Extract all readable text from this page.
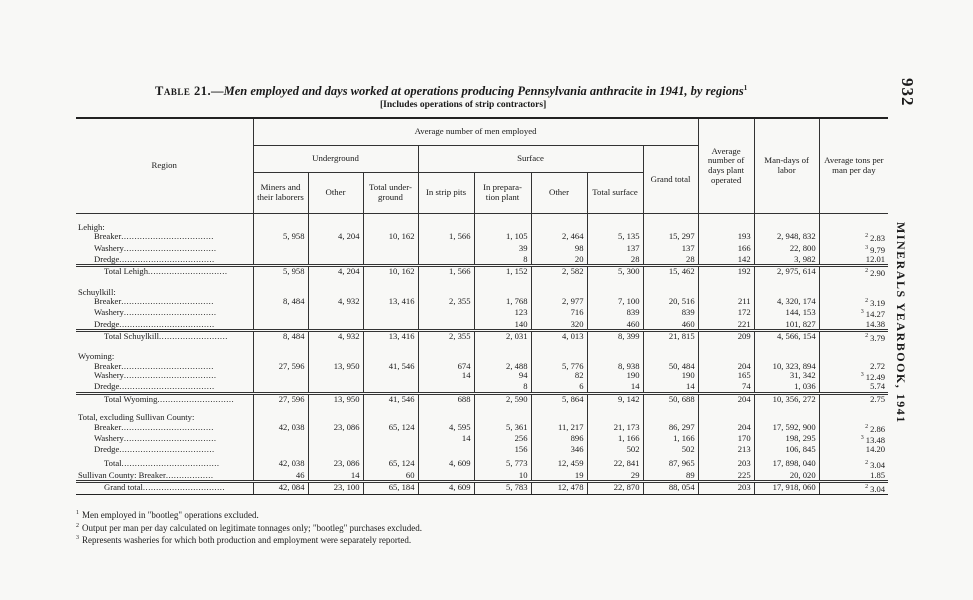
932
MINERALS YEARBOOK, 1941
Table 21.—Men employed and days worked at operations producing Pennsylvania anthracite in 1941, by regions$^1$
[Includes operations of strip contractors]
Region	Average number of men employed								Average number of days plant operated	Man-days of labor	Average tons per man per day
	Underground			Surface				Grand total			
	Miners and their laborers	Other	Total under-ground	In strip pits	In prepara-tion plant	Other	Total surface				
Lehigh:											
Breaker...................................	5, 958	4, 204	10, 162	1, 566	1, 105	2, 464	5, 135	15, 297	193	2, 948, 832	$^2$ 2.83
Washery...................................					39	98	137	137	166	22, 800	$^3$ 9.79
Dredge....................................					8	20	28	28	142	3, 982	12.01
Total Lehigh..............................	5, 958	4, 204	10, 162	1, 566	1, 152	2, 582	5, 300	15, 462	192	2, 975, 614	$^2$ 2.90
Schuylkill:											
Breaker...................................	8, 484	4, 932	13, 416	2, 355	1, 768	2, 977	7, 100	20, 516	211	4, 320, 174	$^2$ 3.19
Washery...................................					123	716	839	839	172	144, 153	$^3$ 14.27
Dredge....................................					140	320	460	460	221	101, 827	14.38
Total Schuylkill..........................	8, 484	4, 932	13, 416	2, 355	2, 031	4, 013	8, 399	21, 815	209	4, 566, 154	$^2$ 3.79
Wyoming:											
Breaker...................................	27, 596	13, 950	41, 546	674	2, 488	5, 776	8, 938	50, 484	204	10, 323, 894	2.72
Washery...................................				14	94	82	190	190	165	31, 342	$^3$ 12.49
Dredge....................................					8	6	14	14	74	1, 036	5.74
Total Wyoming.............................	27, 596	13, 950	41, 546	688	2, 590	5, 864	9, 142	50, 688	204	10, 356, 272	2.75
Total, excluding Sullivan County:											
Breaker...................................	42, 038	23, 086	65, 124	4, 595	5, 361	11, 217	21, 173	86, 297	204	17, 592, 900	$^2$ 2.86
Washery...................................				14	256	896	1, 166	1, 166	170	198, 295	$^3$ 13.48
Dredge....................................					156	346	502	502	213	106, 845	14.20
Total.....................................	42, 038	23, 086	65, 124	4, 609	5, 773	12, 459	22, 841	87, 965	203	17, 898, 040	$^2$ 3.04
Sullivan County: Breaker..................	46	14	60		10	19	29	89	225	20, 020	1.85
Grand total...............................	42, 084	23, 100	65, 184	4, 609	5, 783	12, 478	22, 870	88, 054	203	17, 918, 060	$^2$ 3.04
$^1$ Men employed in "bootleg" operations excluded.
$^2$ Output per man per day calculated on legitimate tonnages only; "bootleg" purchases excluded.
$^3$ Represents washeries for which both production and employment were separately reported.
